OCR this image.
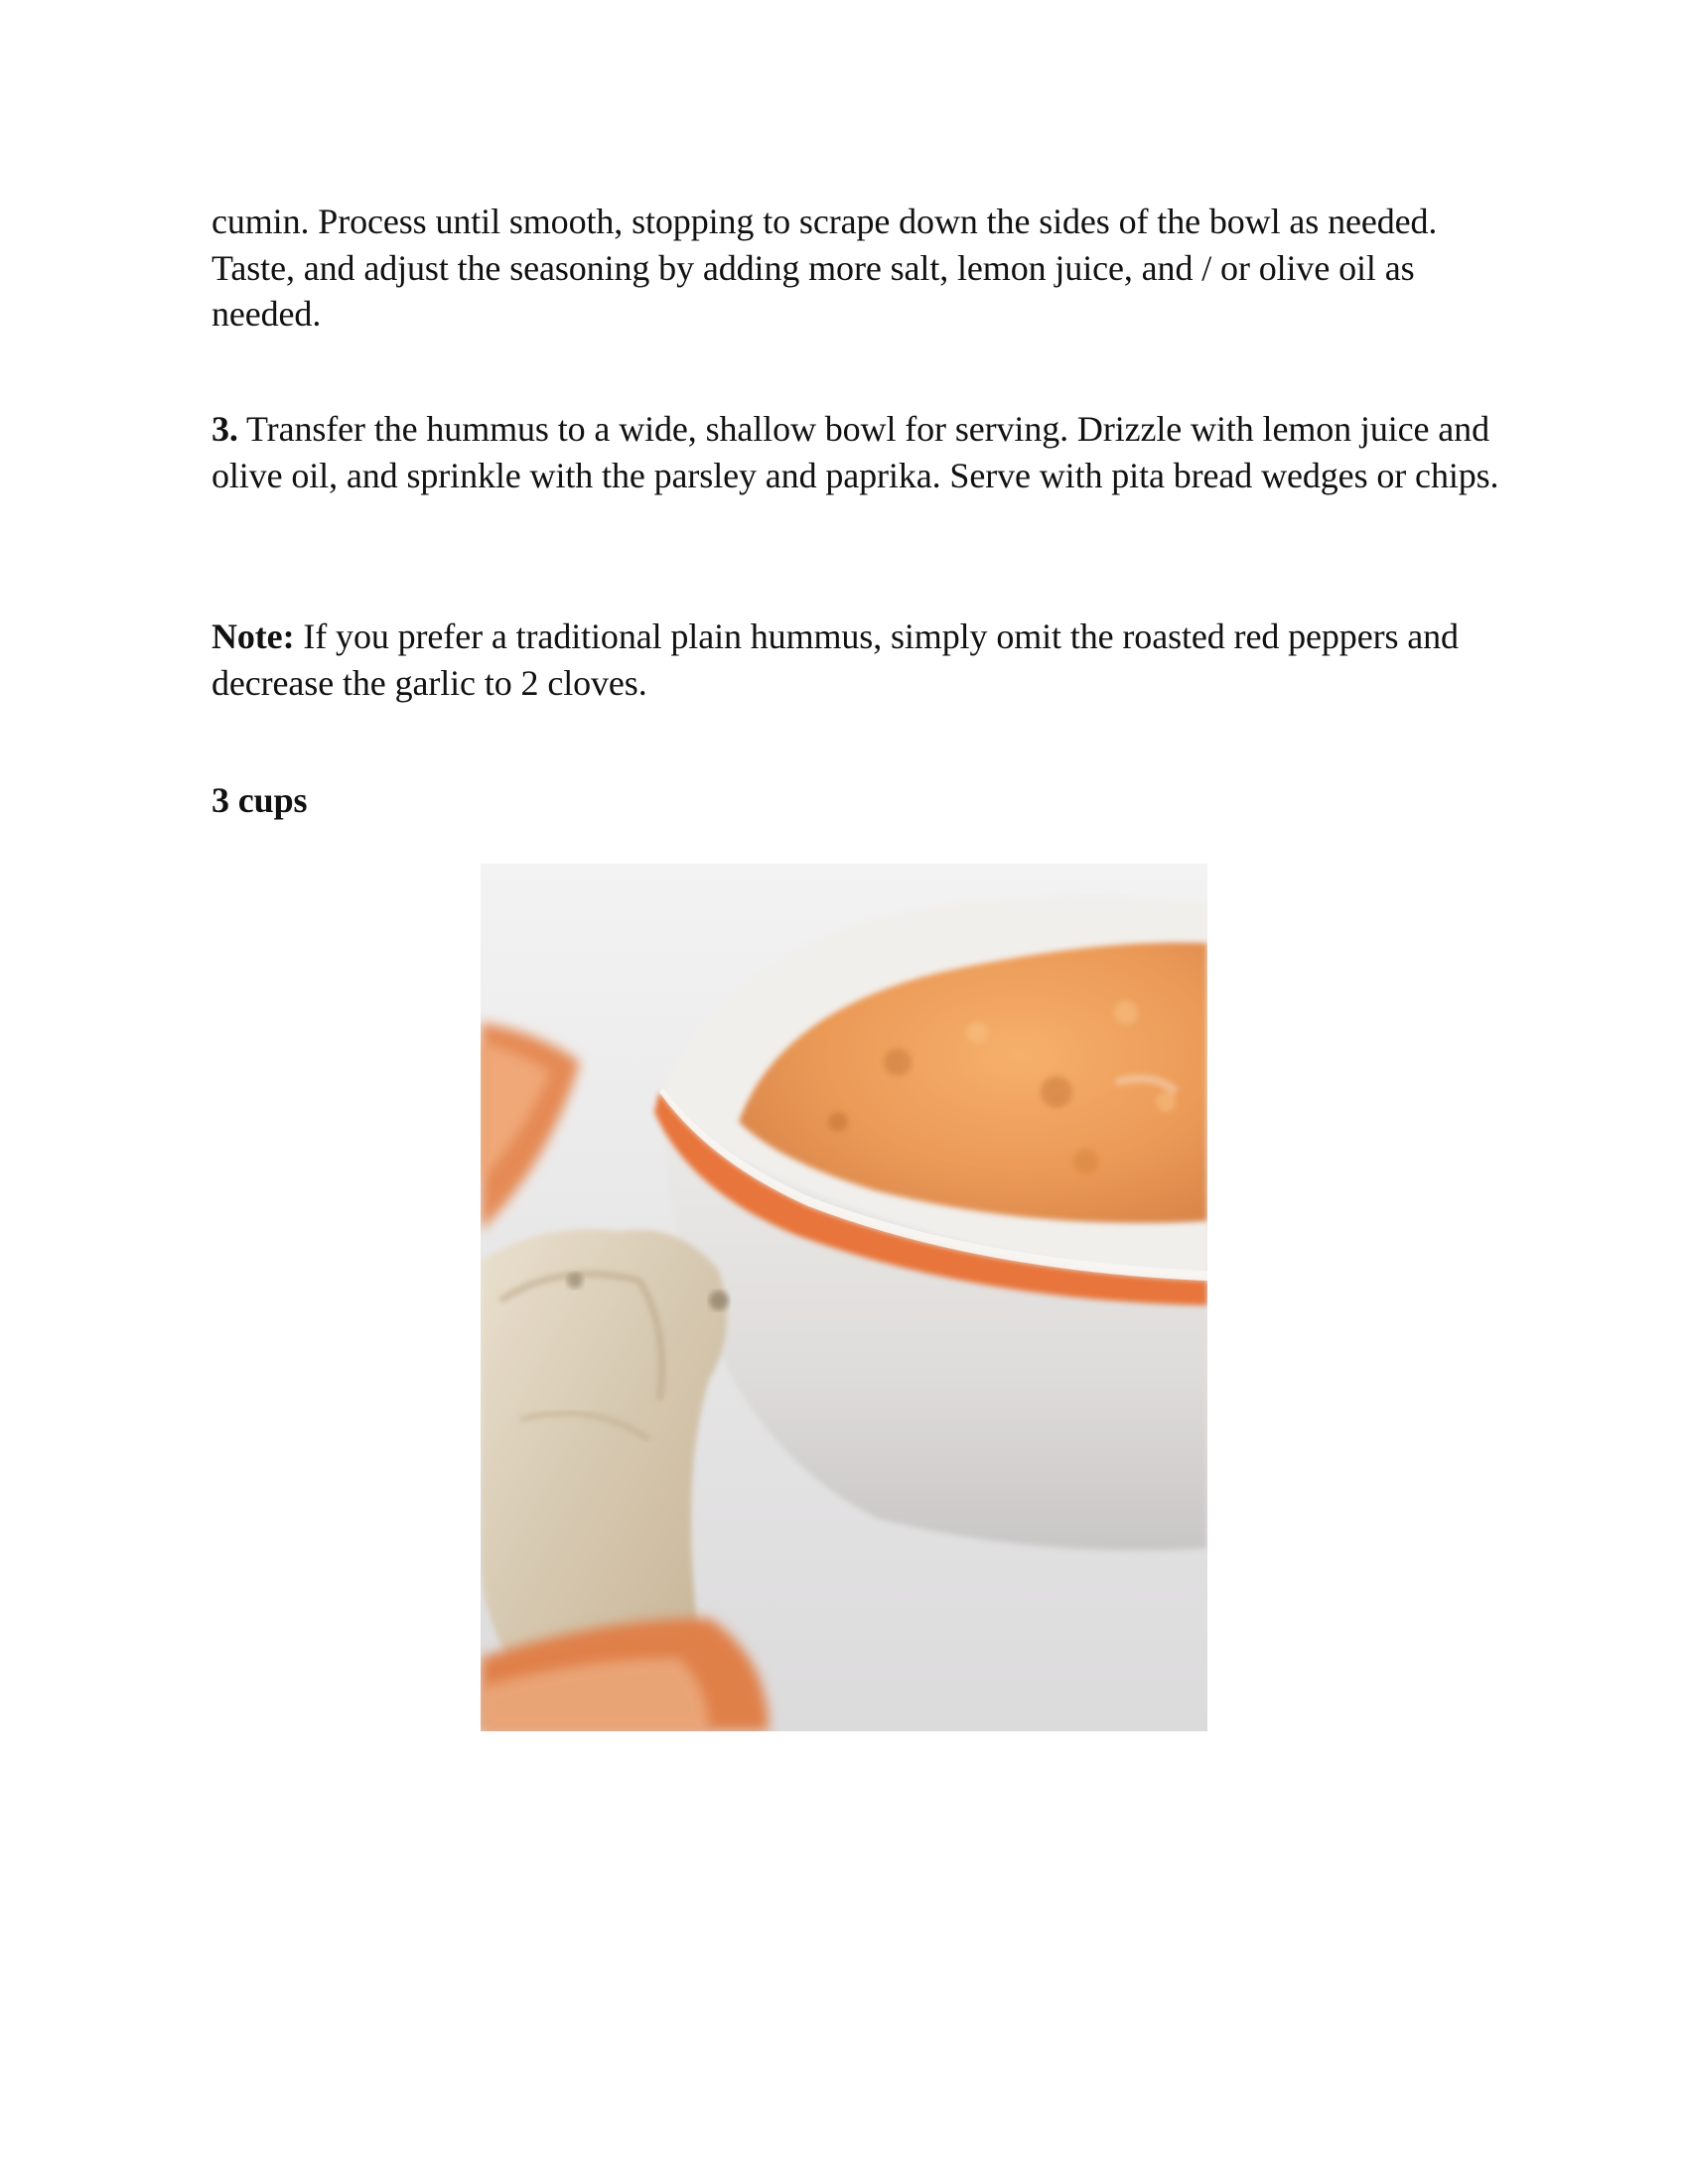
cumin. Process until smooth, stopping to scrape down the sides of the bowl as needed. Taste, and adjust the seasoning by adding more salt, lemon juice, and / or olive oil as needed.

3. Transfer the hummus to a wide, shallow bowl for serving. Drizzle with lemon juice and olive oil, and sprinkle with the parsley and paprika. Serve with pita bread wedges or chips.

Note: If you prefer a traditional plain hummus, simply omit the roasted red peppers and decrease the garlic to 2 cloves.

3 cups
